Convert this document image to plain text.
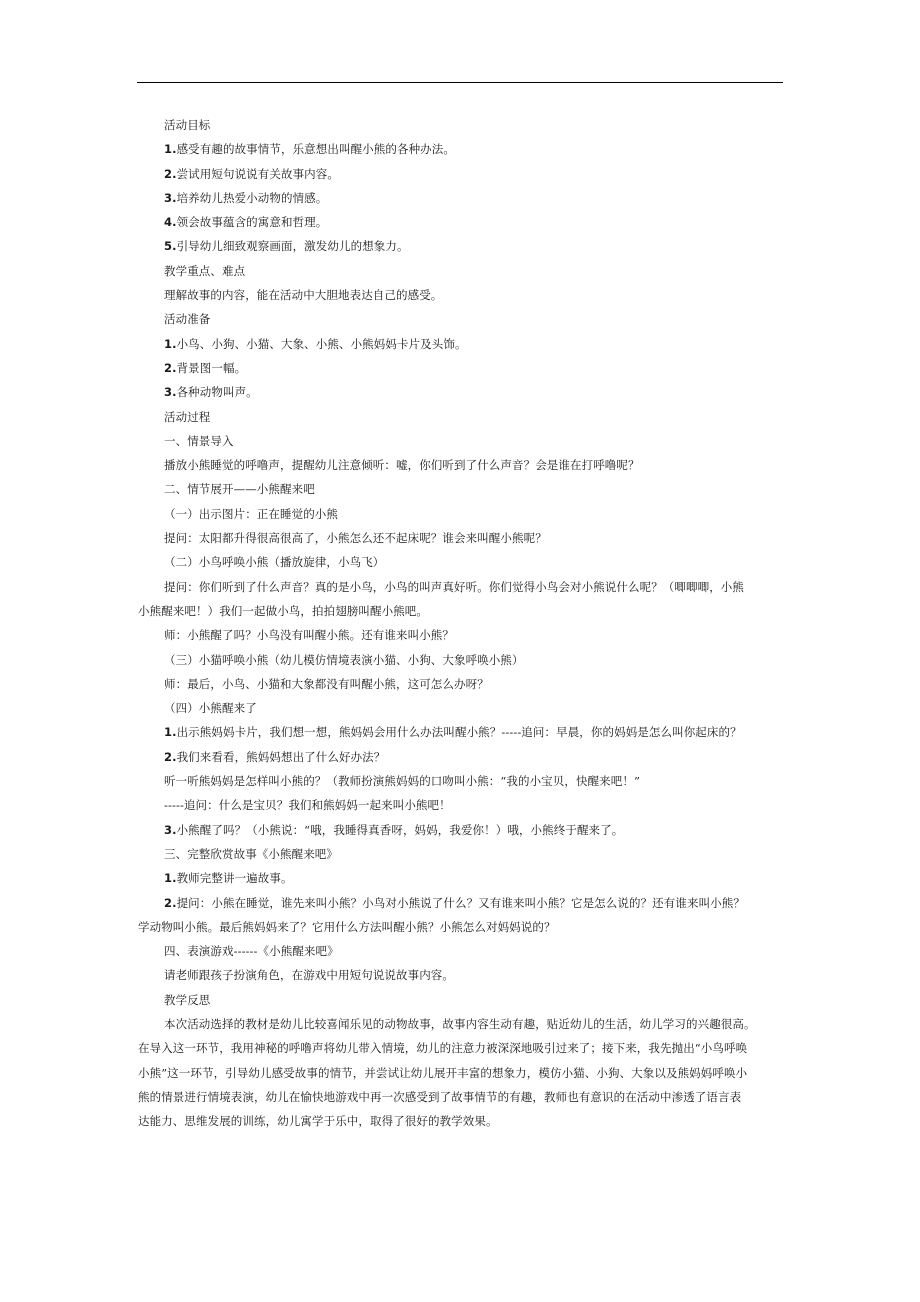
活动目标
1.感受有趣的故事情节，乐意想出叫醒小熊的各种办法。
2.尝试用短句说说有关故事内容。
3.培养幼儿热爱小动物的情感。
4.领会故事蕴含的寓意和哲理。
5.引导幼儿细致观察画面，激发幼儿的想象力。
教学重点、难点
理解故事的内容，能在活动中大胆地表达自己的感受。
活动准备
1.小鸟、小狗、小猫、大象、小熊、小熊妈妈卡片及头饰。
2.背景图一幅。
3.各种动物叫声。
活动过程
一、情景导入
播放小熊睡觉的呼噜声，提醒幼儿注意倾听：嘘，你们听到了什么声音？会是谁在打呼噜呢？
二、情节展开——小熊醒来吧
（一）出示图片：正在睡觉的小熊
提问：太阳都升得很高很高了，小熊怎么还不起床呢？谁会来叫醒小熊呢？
（二）小鸟呼唤小熊（播放旋律，小鸟飞）
提问：你们听到了什么声音？真的是小鸟，小鸟的叫声真好听。你们觉得小鸟会对小熊说什么呢？（唧唧唧，小熊
小熊醒来吧！）我们一起做小鸟，拍拍翅膀叫醒小熊吧。
师：小熊醒了吗？小鸟没有叫醒小熊。还有谁来叫小熊？
（三）小猫呼唤小熊（幼儿模仿情境表演小猫、小狗、大象呼唤小熊）
师：最后，小鸟、小猫和大象都没有叫醒小熊，这可怎么办呀？
（四）小熊醒来了
1.出示熊妈妈卡片，我们想一想，熊妈妈会用什么办法叫醒小熊？-----追问：早晨，你的妈妈是怎么叫你起床的？
2.我们来看看，熊妈妈想出了什么好办法？
听一听熊妈妈是怎样叫小熊的？（教师扮演熊妈妈的口吻叫小熊：“我的小宝贝，快醒来吧！”
-----追问：什么是宝贝？我们和熊妈妈一起来叫小熊吧！
3.小熊醒了吗？（小熊说：“哦，我睡得真香呀，妈妈，我爱你！）哦，小熊终于醒来了。
三、完整欣赏故事《小熊醒来吧》
1.教师完整讲一遍故事。
2.提问：小熊在睡觉，谁先来叫小熊？小鸟对小熊说了什么？又有谁来叫小熊？它是怎么说的？还有谁来叫小熊？
学动物叫小熊。最后熊妈妈来了？它用什么方法叫醒小熊？小熊怎么对妈妈说的？
四、表演游戏------《小熊醒来吧》
请老师跟孩子扮演角色，在游戏中用短句说说故事内容。
教学反思
本次活动选择的教材是幼儿比较喜闻乐见的动物故事，故事内容生动有趣，贴近幼儿的生活，幼儿学习的兴趣很高。
在导入这一环节，我用神秘的呼噜声将幼儿带入情境，幼儿的注意力被深深地吸引过来了；接下来，我先抛出“小鸟呼唤
小熊”这一环节，引导幼儿感受故事的情节，并尝试让幼儿展开丰富的想象力，模仿小猫、小狗、大象以及熊妈妈呼唤小
熊的情景进行情境表演，幼儿在愉快地游戏中再一次感受到了故事情节的有趣，教师也有意识的在活动中渗透了语言表
达能力、思维发展的训练，幼儿寓学于乐中，取得了很好的教学效果。
